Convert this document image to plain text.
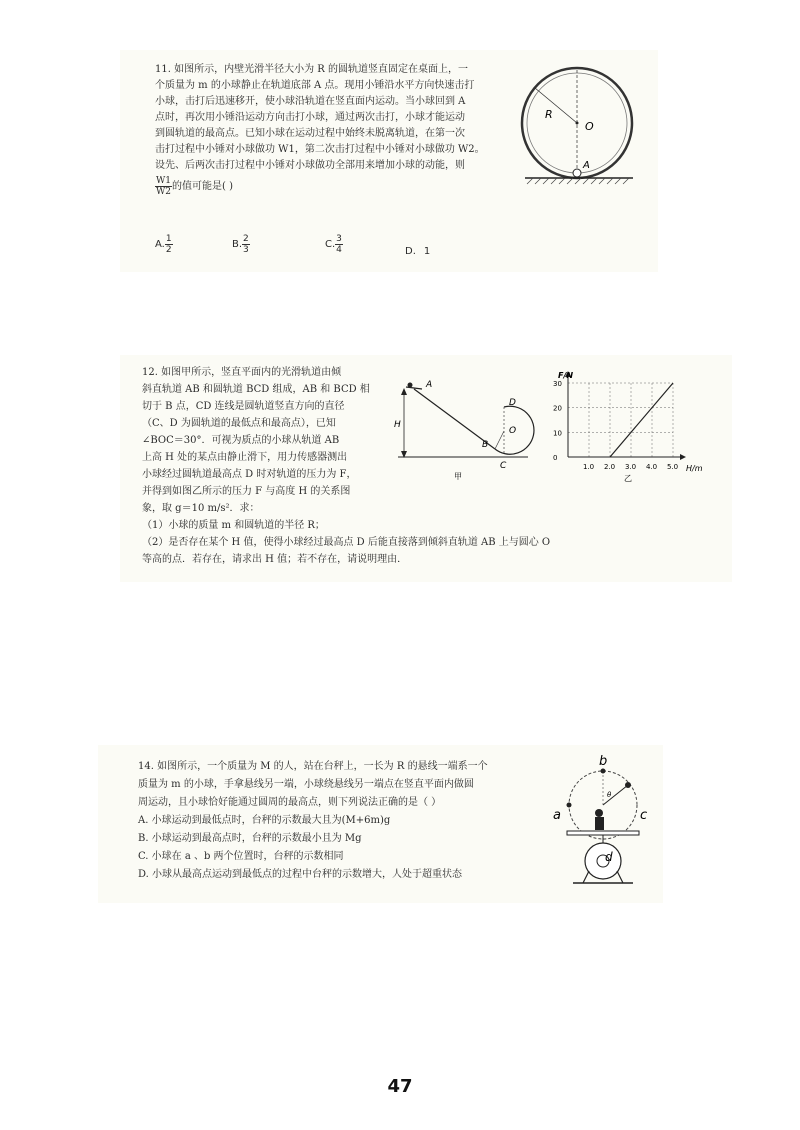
11. 如图所示，内壁光滑半径大小为 R 的圆轨道竖直固定在桌面上，一
个质量为 m 的小球静止在轨道底部 A 点。现用小锤沿水平方向快速击打
小球，击打后迅速移开，使小球沿轨道在竖直面内运动。当小球回到 A
点时，再次用小锤沿运动方向击打小球，通过两次击打，小球才能运动
到圆轨道的最高点。已知小球在运动过程中始终未脱离轨道，在第一次
击打过程中小锤对小球做功 W1，第二次击打过程中小锤对小球做功 W2。
设先、后两次击打过程中小锤对小球做功全部用来增加小球的动能，则
$\frac{W1}{W2}$ 的值可能是( )
A. $\frac{1}{2}$	B. $\frac{2}{3}$	C. $\frac{3}{4}$	D. 1
R
O
A
12. 如图甲所示，竖直平面内的光滑轨道由倾
斜直轨道 AB 和圆轨道 BCD 组成，AB 和 BCD 相
切于 B 点，CD 连线是圆轨道竖直方向的直径
（C、D 为圆轨道的最低点和最高点），已知
∠BOC＝30°．可视为质点的小球从轨道 AB
上高 H 处的某点由静止滑下，用力传感器测出
小球经过圆轨道最高点 D 时对轨道的压力为 F，
并得到如图乙所示的压力 F 与高度 H 的关系图
象，取 g＝10 m/s²．求：
（1）小球的质量 m 和圆轨道的半径 R；
（2）是否存在某个 H 值，使得小球经过最高点 D 后能直接落到倾斜直轨道 AB 上与圆心 O
等高的点．若存在，请求出 H 值；若不存在，请说明理由．
A
H
D
O
B
C
甲
30
20
10
0
1.0 2.0 3.0 4.0 5.0
F/N
H/m
乙
14. 如图所示，一个质量为 M 的人，站在台秤上，一长为 R 的悬线一端系一个
质量为 m 的小球，手拿悬线另一端，小球绕悬线另一端点在竖直平面内做圆
周运动，且小球恰好能通过圆周的最高点，则下列说法正确的是（ ）
A. 小球运动到最低点时，台秤的示数最大且为(M+6m)g
B. 小球运动到最高点时，台秤的示数最小且为 Mg
C. 小球在 a 、b 两个位置时，台秤的示数相同
D. 小球从最高点运动到最低点的过程中台秤的示数增大，人处于超重状态
b
a	c
d
θ
47
